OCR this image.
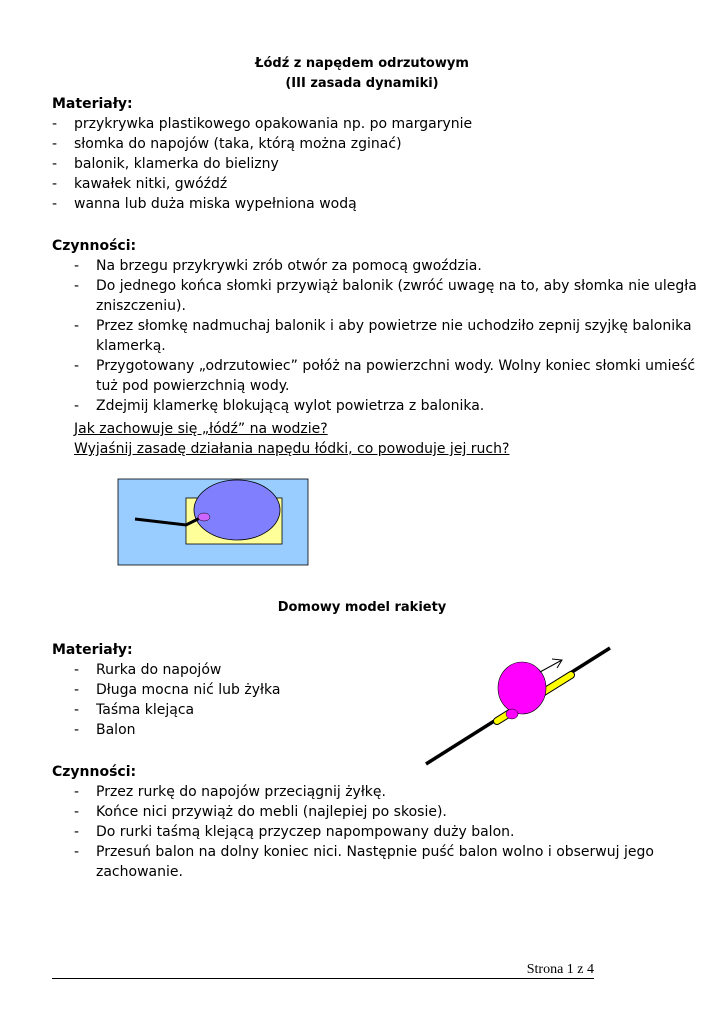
Łódź z napędem odrzutowym

(III zasada dynamiki)

Materiały:

- przykrywka plastikowego opakowania np. po margarynie
- słomka do napojów (taka, którą można zginać)
- balonik, klamerka do bielizny
- kawałek nitki, gwóźdź
- wanna lub duża miska wypełniona wodą

Czynności:

- Na brzegu przykrywki zrób otwór za pomocą gwoździa.
- Do jednego końca słomki przywiąż balonik (zwróć uwagę na to, aby słomka nie uległa
zniszczeniu).
- Przez słomkę nadmuchaj balonik i aby powietrze nie uchodziło zepnij szyjkę balonika
klamerką.
- Przygotowany „odrzutowiec” połóż na powierzchni wody. Wolny koniec słomki umieść
tuż pod powierzchnią wody.
- Zdejmij klamerkę blokującą wylot powietrza z balonika.

Jak zachowuje się „łódź” na wodzie?

Wyjaśnij zasadę działania napędu łódki, co powoduje jej ruch?

Domowy model rakiety

Materiały:

- Rurka do napojów
- Długa mocna nić lub żyłka
- Taśma klejąca
- Balon

Czynności:

- Przez rurkę do napojów przeciągnij żyłkę.
- Końce nici przywiąż do mebli (najlepiej po skosie).
- Do rurki taśmą klejącą przyczep napompowany duży balon.
- Przesuń balon na dolny koniec nici. Następnie puść balon wolno i obserwuj jego
zachowanie.
Strona 1 z 4
